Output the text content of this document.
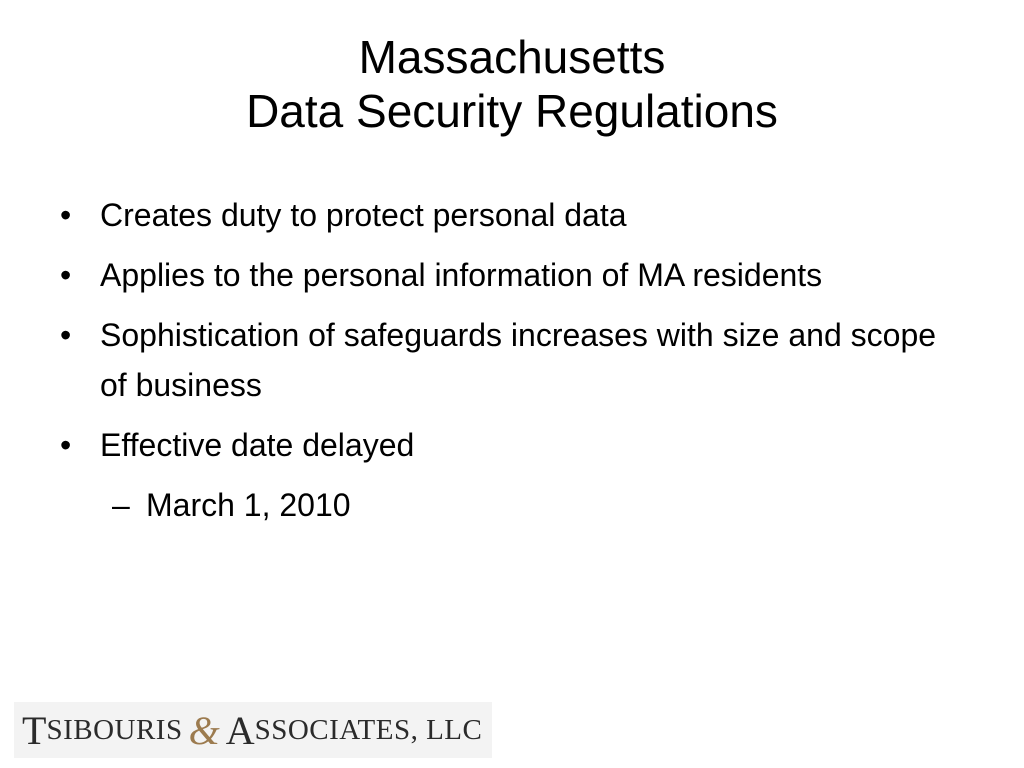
Massachusetts
Data Security Regulations
• Creates duty to protect personal data
• Applies to the personal information of MA residents
• Sophistication of safeguards increases with size and scope of business
• Effective date delayed
– March 1, 2010
T SIBOURIS & A SSOCIATES, LLC
